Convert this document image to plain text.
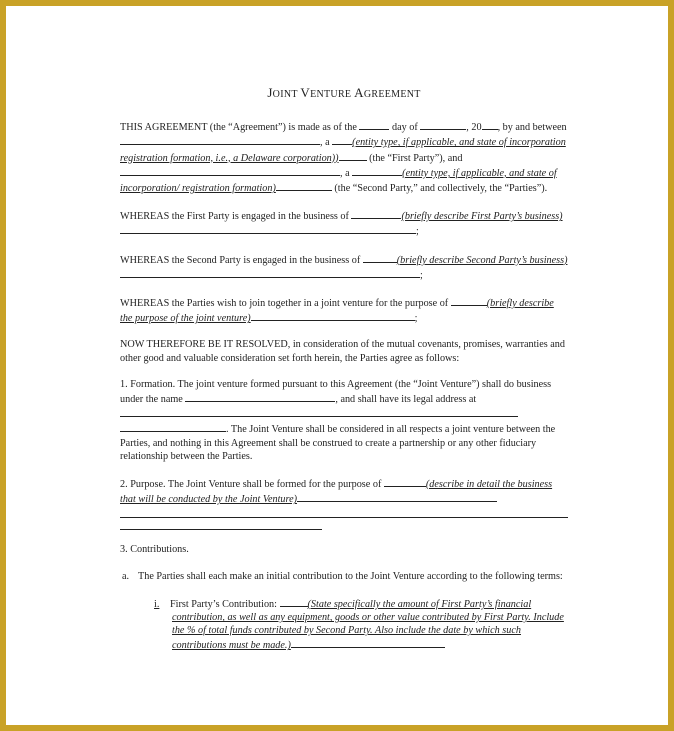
JOINT VENTURE AGREEMENT

THIS AGREEMENT (the “Agreement”) is made as of the	day of	, 20 , by and between , a (entity type, if applicable, and state of incorporation registration formation, i.e., a Delaware corporation))	(the “First Party”), and , a	(entity type, if applicable, and state of incorporation/ registration formation)	(the “Second Party,” and collectively, the “Parties”).

WHEREAS the First Party is engaged in the business of	(briefly describe First Party’s business);

WHEREAS the Second Party is engaged in the business of	(briefly describe Second Party’s business);

WHEREAS the Parties wish to join together in a joint venture for the purpose of	(briefly describe the purpose of the joint venture)	;

NOW THEREFORE BE IT RESOLVED, in consideration of the mutual covenants, promises, warranties and other good and valuable consideration set forth herein, the Parties agree as follows:

1. Formation. The joint venture formed pursuant to this Agreement (the “Joint Venture”) shall do business under the name	, and shall have its legal address at . The Joint Venture shall be considered in all respects a joint venture between the Parties, and nothing in this Agreement shall be construed to create a partnership or any other fiduciary relationship between the Parties.

2. Purpose. The Joint Venture shall be formed for the purpose of	(describe in detail the business that will be conducted by the Joint Venture)

3. Contributions.

a. The Parties shall each make an initial contribution to the Joint Venture according to the following terms:

i. First Party’s Contribution:	(State specifically the amount of First Party’s financial contribution, as well as any equipment, goods or other value contributed by First Party. Include the % of total funds contributed by Second Party. Also include the date by which such contributions must be made.)
